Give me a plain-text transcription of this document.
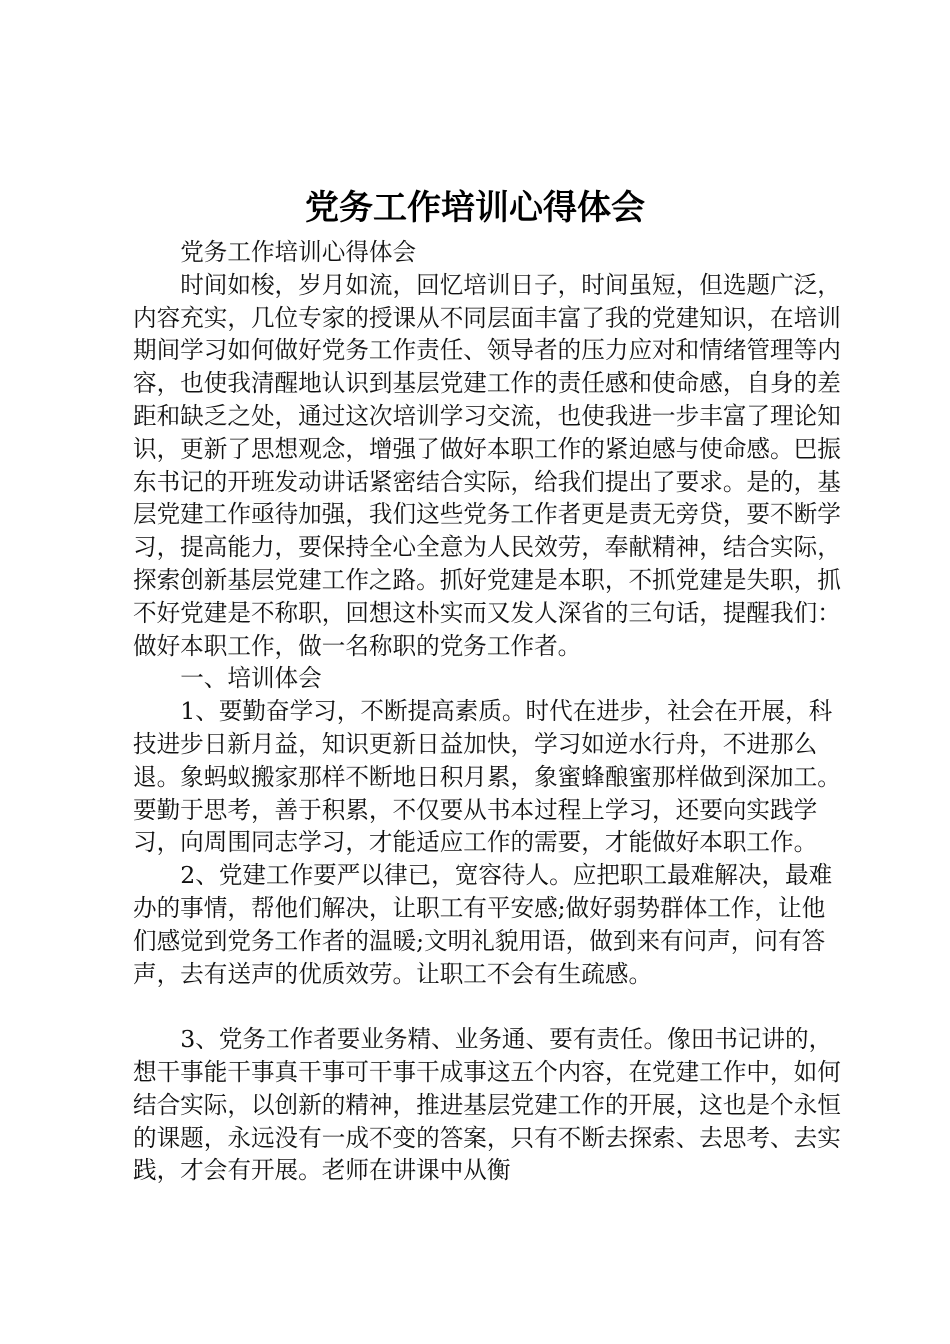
党务工作培训心得体会

党务工作培训心得体会

时间如梭，岁月如流，回忆培训日子，时间虽短，但选题广泛，内容充实，几位专家的授课从不同层面丰富了我的党建知识，在培训期间学习如何做好党务工作责任、领导者的压力应对和情绪管理等内容，也使我清醒地认识到基层党建工作的责任感和使命感，自身的差距和缺乏之处，通过这次培训学习交流，也使我进一步丰富了理论知识，更新了思想观念，增强了做好本职工作的紧迫感与使命感。巴振东书记的开班发动讲话紧密结合实际，给我们提出了要求。是的，基层党建工作亟待加强，我们这些党务工作者更是责无旁贷，要不断学习，提高能力，要保持全心全意为人民效劳，奉献精神，结合实际，探索创新基层党建工作之路。抓好党建是本职，不抓党建是失职，抓不好党建是不称职，回想这朴实而又发人深省的三句话，提醒我们：做好本职工作，做一名称职的党务工作者。

一、培训体会

1、要勤奋学习，不断提高素质。时代在进步，社会在开展，科技进步日新月益，知识更新日益加快，学习如逆水行舟，不进那么退。象蚂蚁搬家那样不断地日积月累，象蜜蜂酿蜜那样做到深加工。要勤于思考，善于积累，不仅要从书本过程上学习，还要向实践学习，向周围同志学习，才能适应工作的需要，才能做好本职工作。

2、党建工作要严以律已，宽容待人。应把职工最难解决，最难办的事情，帮他们解决，让职工有平安感;做好弱势群体工作，让他们感觉到党务工作者的温暖;文明礼貌用语，做到来有问声，问有答声，去有送声的优质效劳。让职工不会有生疏感。

3、党务工作者要业务精、业务通、要有责任。像田书记讲的，想干事能干事真干事可干事干成事这五个内容，在党建工作中，如何结合实际，以创新的精神，推进基层党建工作的开展，这也是个永恒的课题，永远没有一成不变的答案，只有不断去探索、去思考、去实践，才会有开展。老师在讲课中从衡
